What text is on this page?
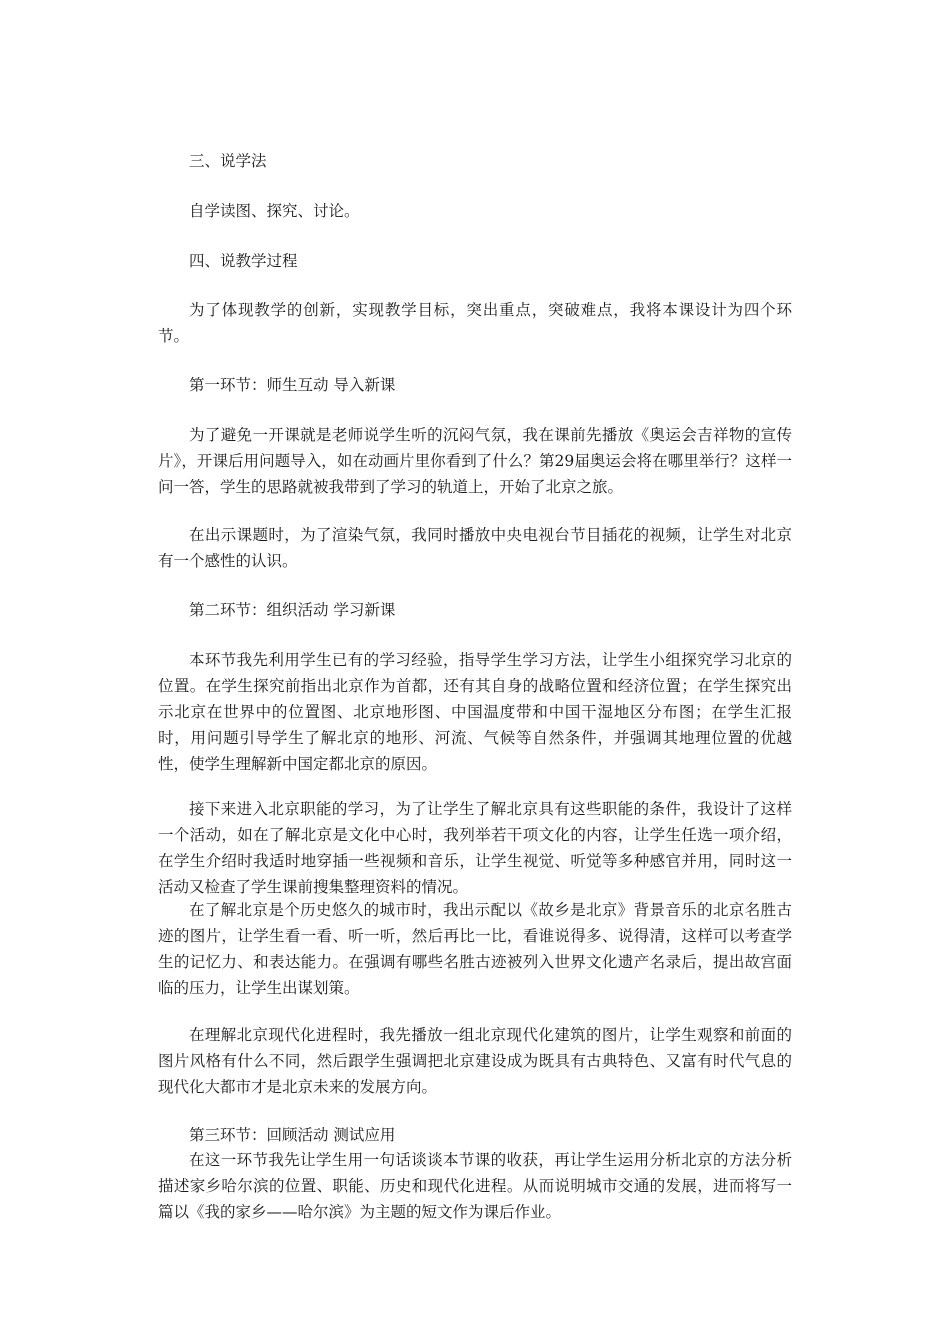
三、说学法

自学读图、探究、讨论。

四、说教学过程

为了体现教学的创新，实现教学目标，突出重点，突破难点，我将本课设计为四个环节。

第一环节：师生互动 导入新课

为了避免一开课就是老师说学生听的沉闷气氛，我在课前先播放《奥运会吉祥物的宣传片》，开课后用问题导入，如在动画片里你看到了什么？第29届奥运会将在哪里举行？这样一问一答，学生的思路就被我带到了学习的轨道上，开始了北京之旅。

在出示课题时，为了渲染气氛，我同时播放中央电视台节目插花的视频，让学生对北京有一个感性的认识。

第二环节：组织活动 学习新课

本环节我先利用学生已有的学习经验，指导学生学习方法，让学生小组探究学习北京的位置。在学生探究前指出北京作为首都，还有其自身的战略位置和经济位置；在学生探究出示北京在世界中的位置图、北京地形图、中国温度带和中国干湿地区分布图；在学生汇报时，用问题引导学生了解北京的地形、河流、气候等自然条件，并强调其地理位置的优越性，使学生理解新中国定都北京的原因。

接下来进入北京职能的学习，为了让学生了解北京具有这些职能的条件，我设计了这样一个活动，如在了解北京是文化中心时，我列举若干项文化的内容，让学生任选一项介绍，在学生介绍时我适时地穿插一些视频和音乐，让学生视觉、听觉等多种感官并用，同时这一活动又检查了学生课前搜集整理资料的情况。

在了解北京是个历史悠久的城市时，我出示配以《故乡是北京》背景音乐的北京名胜古迹的图片，让学生看一看、听一听，然后再比一比，看谁说得多、说得清，这样可以考查学生的记忆力、和表达能力。在强调有哪些名胜古迹被列入世界文化遗产名录后，提出故宫面临的压力，让学生出谋划策。

在理解北京现代化进程时，我先播放一组北京现代化建筑的图片，让学生观察和前面的图片风格有什么不同，然后跟学生强调把北京建设成为既具有古典特色、又富有时代气息的现代化大都市才是北京未来的发展方向。

第三环节：回顾活动 测试应用

在这一环节我先让学生用一句话谈谈本节课的收获，再让学生运用分析北京的方法分析描述家乡哈尔滨的位置、职能、历史和现代化进程。从而说明城市交通的发展，进而将写一篇以《我的家乡——哈尔滨》为主题的短文作为课后作业。
